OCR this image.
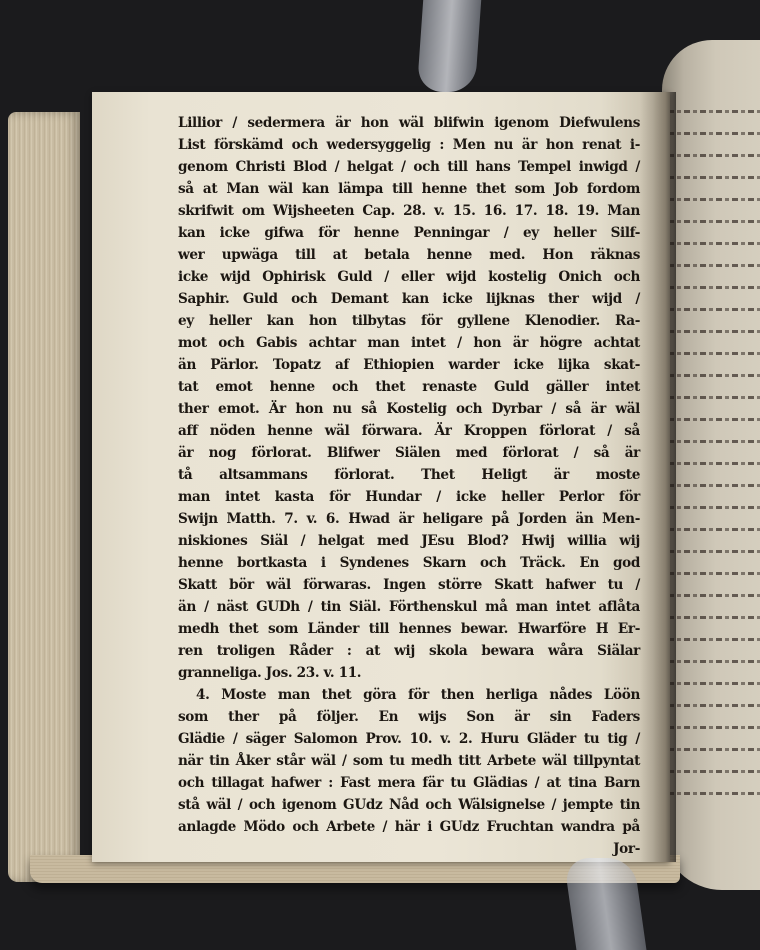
Lillior / sedermera är hon wäl blifwin igenom Diefwulens
List förskämd och wedersyggelig : Men nu är hon renat i-
genom Christi Blod / helgat / och till hans Tempel inwigd /
så at Man wäl kan lämpa till henne thet som Job fordom
skrifwit om Wijsheeten Cap. 28. v. 15. 16. 17. 18. 19. Man
kan icke gifwa för henne Penningar / ey heller Silf-
wer upwäga till at betala henne med. Hon räknas
icke wijd Ophirisk Guld / eller wijd kostelig Onich och
Saphir. Guld och Demant kan icke lijknas ther wijd /
ey heller kan hon tilbytas för gyllene Klenodier. Ra-
mot och Gabis achtar man intet / hon är högre achtat
än Pärlor. Topatz af Ethiopien warder icke lijka skat-
tat emot henne och thet renaste Guld gäller intet
ther emot. Är hon nu så Kostelig och Dyrbar / så är wäl
aff nöden henne wäl förwara. Är Kroppen förlorat / så
är nog förlorat. Blifwer Siälen med förlorat / så är
tå altsammans förlorat. Thet Heligt är moste
man intet kasta för Hundar / icke heller Perlor för
Swijn Matth. 7. v. 6. Hwad är heligare på Jorden än Men-
niskiones Siäl / helgat med JEsu Blod? Hwij willia wij
henne bortkasta i Syndenes Skarn och Träck. En god
Skatt bör wäl förwaras. Ingen större Skatt hafwer tu /
än / näst GUDh / tin Siäl. Förthenskul må man intet aflåta
medh thet som Länder till hennes bewar. Hwarföre H Er-
ren troligen Råder : at wij skola bewara wåra Siälar
granneliga. Jos. 23. v. 11.
4. Moste man thet göra för then herliga nådes Löön
som ther på följer. En wijs Son är sin Faders
Glädie / säger Salomon Prov. 10. v. 2. Huru Gläder tu tig /
när tin Åker står wäl / som tu medh titt Arbete wäl tillpyntat
och tillagat hafwer : Fast mera fär tu Glädias / at tina Barn
stå wäl / och igenom GUdz Nåd och Wälsignelse / jempte tin
anlagde Mödo och Arbete / här i GUdz Fruchtan wandra på
Jor-
